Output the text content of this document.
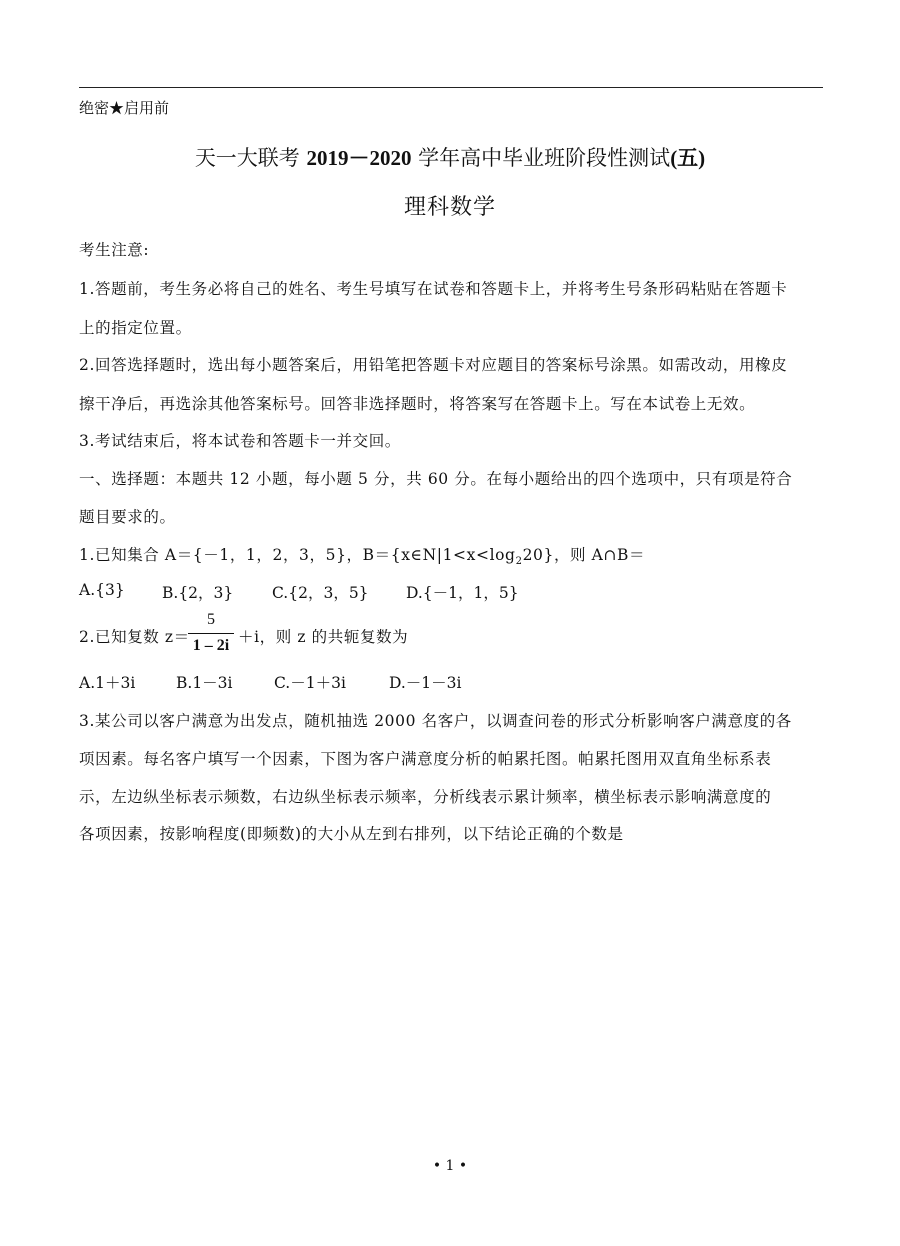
绝密★启用前
天一大联考 2019－2020 学年高中毕业班阶段性测试(五)
理科数学
考生注意:
1.答题前，考生务必将自己的姓名、考生号填写在试卷和答题卡上，并将考生号条形码粘贴在答题卡
上的指定位置。
2.回答选择题时，选出每小题答案后，用铅笔把答题卡对应题目的答案标号涂黑。如需改动，用橡皮
擦干净后，再选涂其他答案标号。回答非选择题时，将答案写在答题卡上。写在本试卷上无效。
3.考试结束后，将本试卷和答题卡一并交回。
一、选择题：本题共 12 小题，每小题 5 分，共 60 分。在每小题给出的四个选项中，只有项是符合
题目要求的。
1.已知集合 A＝{－1，1，2，3，5}，$B=\{x\in N|1<x<\log_220\}$，则 A∩B＝
A.{3} B.{2，3} C.{2，3，5} D.{－1，1，5}
2.已知复数 z＝
5
1 – 2i ＋i，则 z 的共轭复数为
A.1＋3i	B.1－3i	C.－1＋3i	D.－1－3i
3.某公司以客户满意为出发点，随机抽选 2000 名客户，以调查问卷的形式分析影响客户满意度的各
项因素。每名客户填写一个因素，下图为客户满意度分析的帕累托图。帕累托图用双直角坐标系表
示，左边纵坐标表示频数，右边纵坐标表示频率，分析线表示累计频率，横坐标表示影响满意度的
各项因素，按影响程度(即频数)的大小从左到右排列，以下结论正确的个数是
• 1 •
